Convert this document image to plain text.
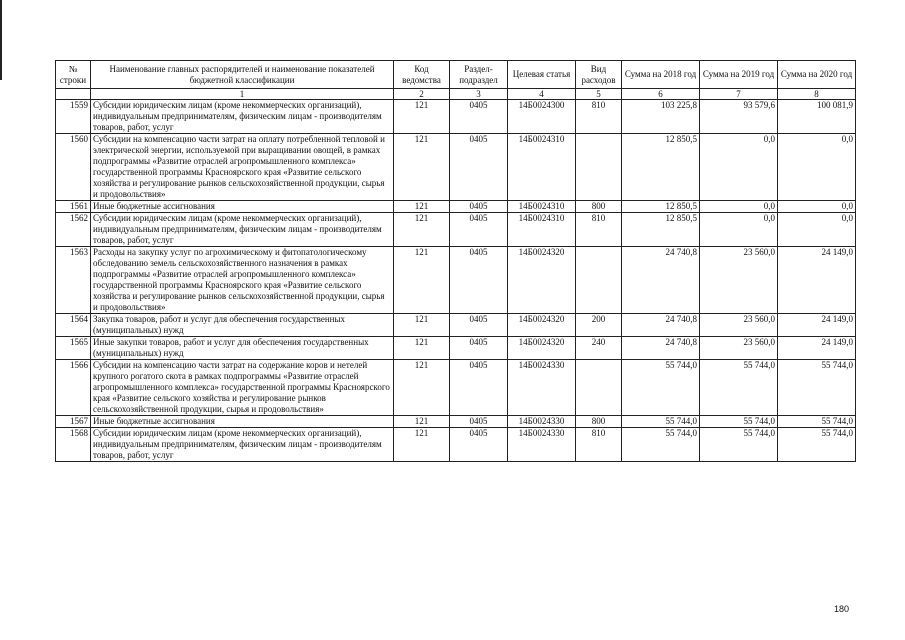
№ строки	Наименование главных распорядителей и наименование показателей бюджетной классификации	Код ведомства	Раздел-подраздел	Целевая статья	Вид расходов	Сумма на 2018 год	Сумма на 2019 год	Сумма на 2020 год
	1	2	3	4	5	6	7	8
1559	Субсидии юридическим лицам (кроме некоммерческих организаций), индивидуальным предпринимателям, физическим лицам - производителям товаров, работ, услуг	121	0405	14Б0024300	810	103 225,8	93 579,6	100 081,9
1560	Субсидии на компенсацию части затрат на оплату потребленной тепловой и электрической энергии, используемой при выращивании овощей, в рамках подпрограммы «Развитие отраслей агропромышленного комплекса» государственной программы Красноярского края «Развитие сельского хозяйства и регулирование рынков сельскохозяйственной продукции, сырья и продовольствия»	121	0405	14Б0024310		12 850,5	0,0	0,0
1561	Иные бюджетные ассигнования	121	0405	14Б0024310	800	12 850,5	0,0	0,0
1562	Субсидии юридическим лицам (кроме некоммерческих организаций), индивидуальным предпринимателям, физическим лицам - производителям товаров, работ, услуг	121	0405	14Б0024310	810	12 850,5	0,0	0,0
1563	Расходы на закупку услуг по агрохимическому и фитопатологическому обследованию земель сельскохозяйственного назначения в рамках подпрограммы «Развитие отраслей агропромышленного комплекса» государственной программы Красноярского края «Развитие сельского хозяйства и регулирование рынков сельскохозяйственной продукции, сырья и продовольствия»	121	0405	14Б0024320		24 740,8	23 560,0	24 149,0
1564	Закупка товаров, работ и услуг для обеспечения государственных (муниципальных) нужд	121	0405	14Б0024320	200	24 740,8	23 560,0	24 149,0
1565	Иные закупки товаров, работ и услуг для обеспечения государственных (муниципальных) нужд	121	0405	14Б0024320	240	24 740,8	23 560,0	24 149,0
1566	Субсидии на компенсацию части затрат на содержание коров и нетелей крупного рогатого скота в рамках подпрограммы «Развитие отраслей агропромышленного комплекса» государственной программы Красноярского края «Развитие сельского хозяйства и регулирование рынков сельскохозяйственной продукции, сырья и продовольствия»	121	0405	14Б0024330		55 744,0	55 744,0	55 744,0
1567	Иные бюджетные ассигнования	121	0405	14Б0024330	800	55 744,0	55 744,0	55 744,0
1568	Субсидии юридическим лицам (кроме некоммерческих организаций), индивидуальным предпринимателям, физическим лицам - производителям товаров, работ, услуг	121	0405	14Б0024330	810	55 744,0	55 744,0	55 744,0
180
